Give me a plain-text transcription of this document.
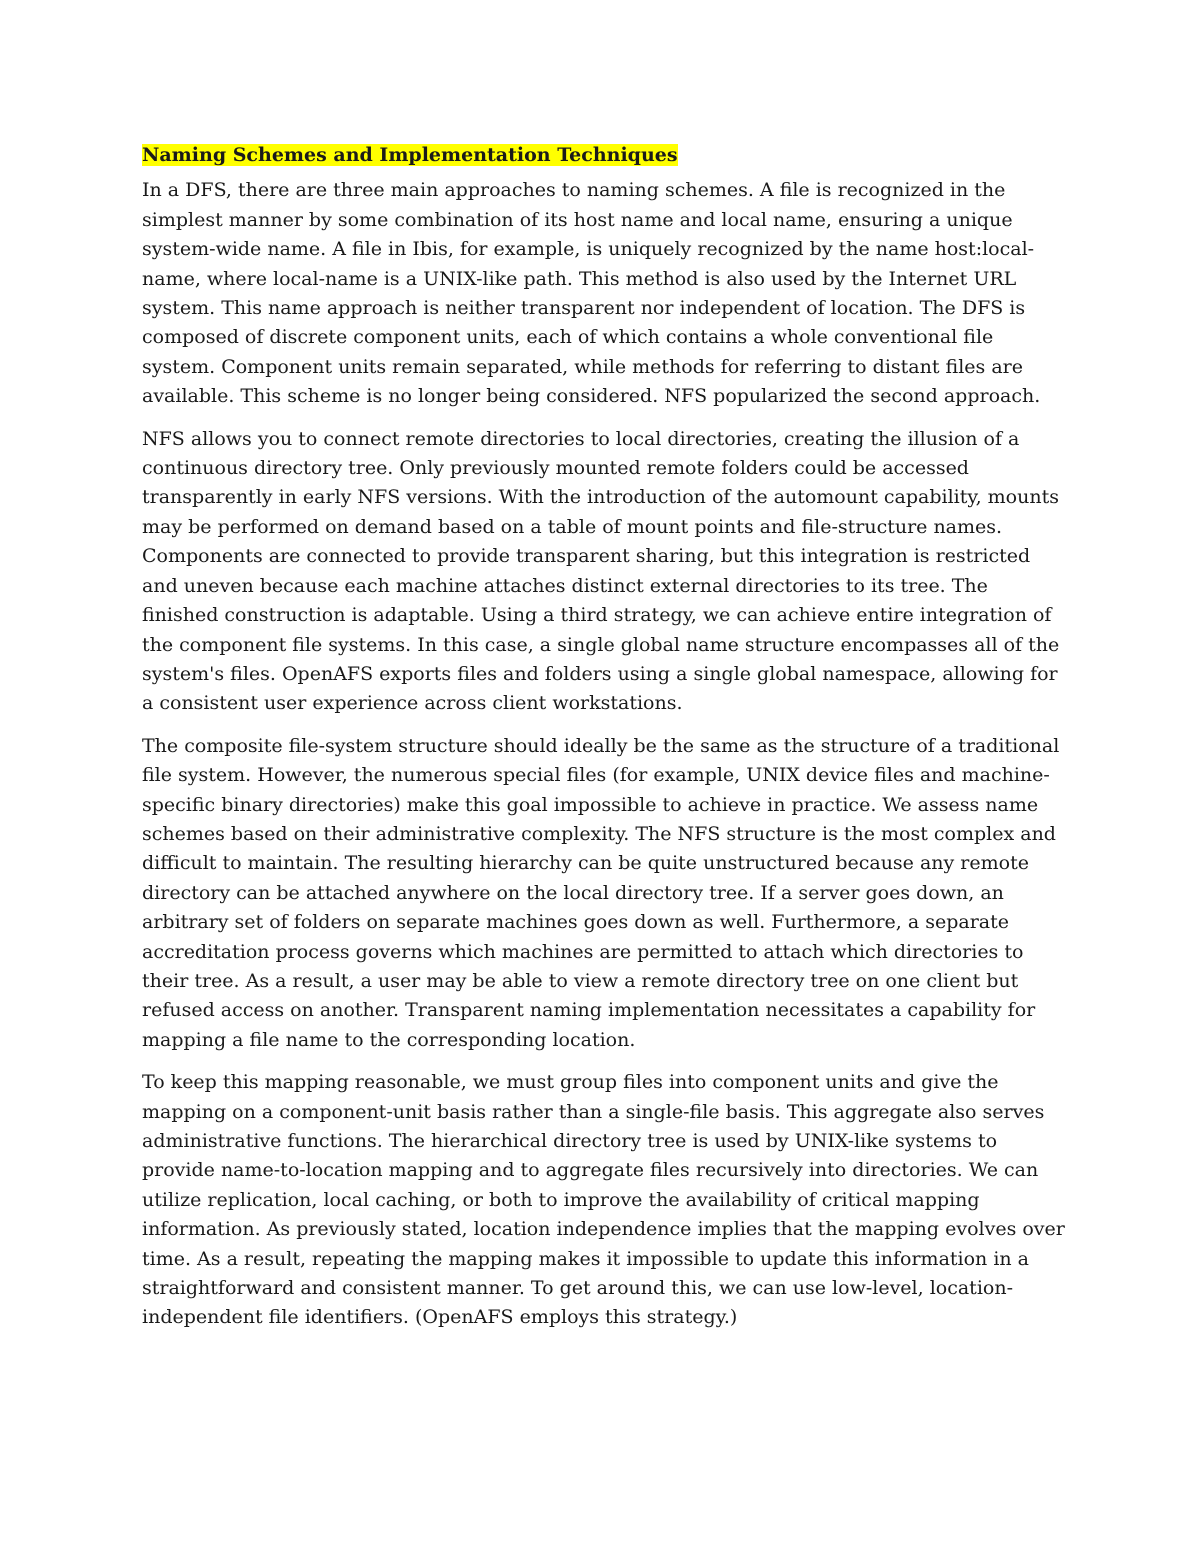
Naming Schemes and Implementation Techniques

In a DFS, there are three main approaches to naming schemes. A file is recognized in the simplest manner by some combination of its host name and local name, ensuring a unique system-wide name. A file in Ibis, for example, is uniquely recognized by the name host:local-name, where local-name is a UNIX-like path. This method is also used by the Internet URL system. This name approach is neither transparent nor independent of location. The DFS is composed of discrete component units, each of which contains a whole conventional file system. Component units remain separated, while methods for referring to distant files are available. This scheme is no longer being considered. NFS popularized the second approach.

NFS allows you to connect remote directories to local directories, creating the illusion of a continuous directory tree. Only previously mounted remote folders could be accessed transparently in early NFS versions. With the introduction of the automount capability, mounts may be performed on demand based on a table of mount points and file-structure names. Components are connected to provide transparent sharing, but this integration is restricted and uneven because each machine attaches distinct external directories to its tree. The finished construction is adaptable. Using a third strategy, we can achieve entire integration of the component file systems. In this case, a single global name structure encompasses all of the system's files. OpenAFS exports files and folders using a single global namespace, allowing for a consistent user experience across client workstations.

The composite file-system structure should ideally be the same as the structure of a traditional file system. However, the numerous special files (for example, UNIX device files and machine-specific binary directories) make this goal impossible to achieve in practice. We assess name schemes based on their administrative complexity. The NFS structure is the most complex and difficult to maintain. The resulting hierarchy can be quite unstructured because any remote directory can be attached anywhere on the local directory tree. If a server goes down, an arbitrary set of folders on separate machines goes down as well. Furthermore, a separate accreditation process governs which machines are permitted to attach which directories to their tree. As a result, a user may be able to view a remote directory tree on one client but refused access on another. Transparent naming implementation necessitates a capability for mapping a file name to the corresponding location.

To keep this mapping reasonable, we must group files into component units and give the mapping on a component-unit basis rather than a single-file basis. This aggregate also serves administrative functions. The hierarchical directory tree is used by UNIX-like systems to provide name-to-location mapping and to aggregate files recursively into directories. We can utilize replication, local caching, or both to improve the availability of critical mapping information. As previously stated, location independence implies that the mapping evolves over time. As a result, repeating the mapping makes it impossible to update this information in a straightforward and consistent manner. To get around this, we can use low-level, location-independent file identifiers. (OpenAFS employs this strategy.)
